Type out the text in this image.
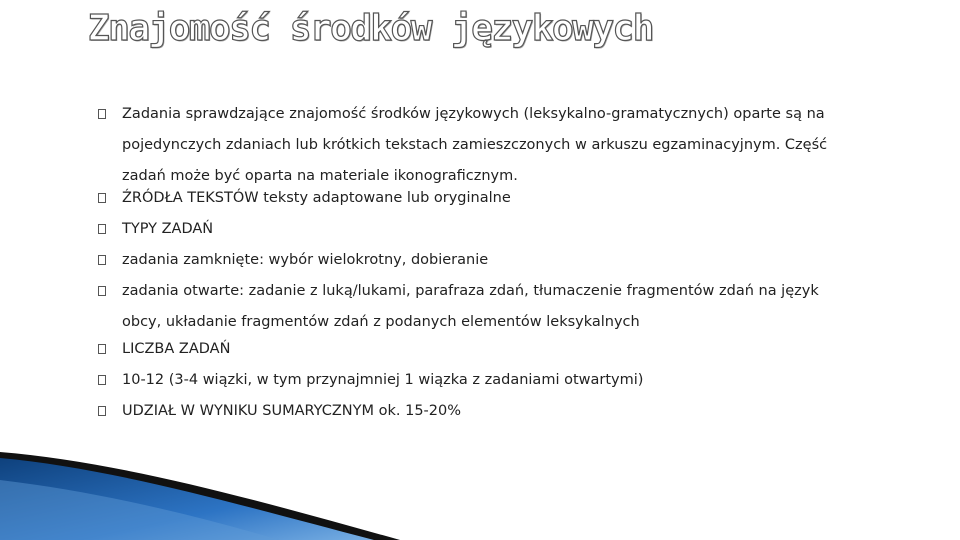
Znajomość środków językowych
Zadania sprawdzające znajomość środków językowych (leksykalno-gramatycznych) oparte są na pojedynczych zdaniach lub krótkich tekstach zamieszczonych w arkuszu egzaminacyjnym. Część zadań może być oparta na materiale ikonograficznym.
ŹRÓDŁA TEKSTÓW teksty adaptowane lub oryginalne
TYPY ZADAŃ
zadania zamknięte: wybór wielokrotny, dobieranie
zadania otwarte: zadanie z luką/lukami, parafraza zdań, tłumaczenie fragmentów zdań na język obcy, układanie fragmentów zdań z podanych elementów leksykalnych
LICZBA ZADAŃ
10-12 (3-4 wiązki, w tym przynajmniej 1 wiązka z zadaniami otwartymi)
UDZIAŁ W WYNIKU SUMARYCZNYM ok. 15-20%
